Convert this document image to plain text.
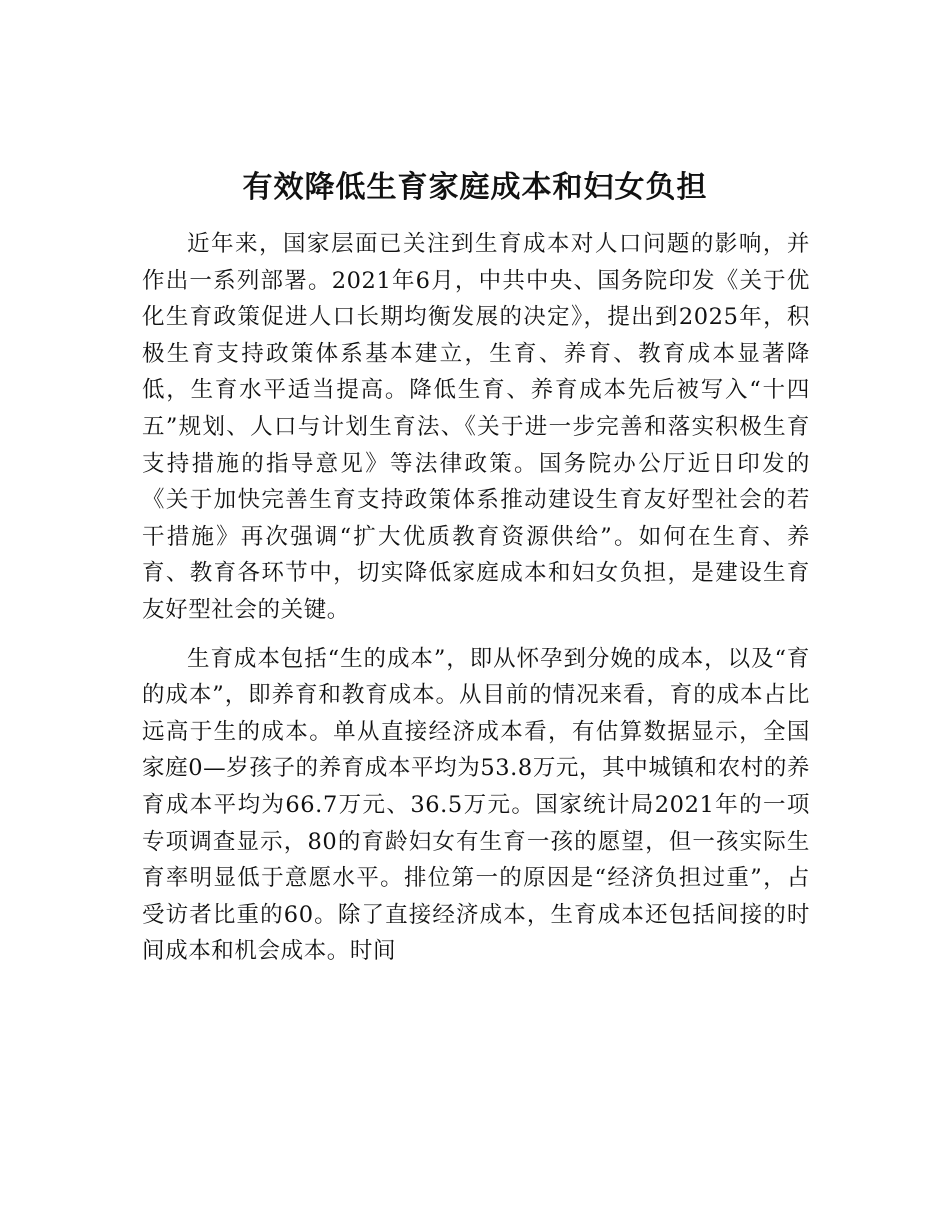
有效降低生育家庭成本和妇女负担

近年来，国家层面已关注到生育成本对人口问题的影响，并作出一系列部署。2021年6月，中共中央、国务院印发《关于优化生育政策促进人口长期均衡发展的决定》，提出到2025年，积极生育支持政策体系基本建立，生育、养育、教育成本显著降低，生育水平适当提高。降低生育、养育成本先后被写入“十四五”规划、人口与计划生育法、《关于进一步完善和落实积极生育支持措施的指导意见》等法律政策。国务院办公厅近日印发的《关于加快完善生育支持政策体系推动建设生育友好型社会的若干措施》再次强调“扩大优质教育资源供给”。如何在生育、养育、教育各环节中，切实降低家庭成本和妇女负担，是建设生育友好型社会的关键。

生育成本包括“生的成本”，即从怀孕到分娩的成本，以及“育的成本”，即养育和教育成本。从目前的情况来看，育的成本占比远高于生的成本。单从直接经济成本看，有估算数据显示，全国家庭0—岁孩子的养育成本平均为53.8万元，其中城镇和农村的养育成本平均为66.7万元、36.5万元。国家统计局2021年的一项专项调查显示，80的育龄妇女有生育一孩的愿望，但一孩实际生育率明显低于意愿水平。排位第一的原因是“经济负担过重”，占受访者比重的60。除了直接经济成本，生育成本还包括间接的时间成本和机会成本。时间
